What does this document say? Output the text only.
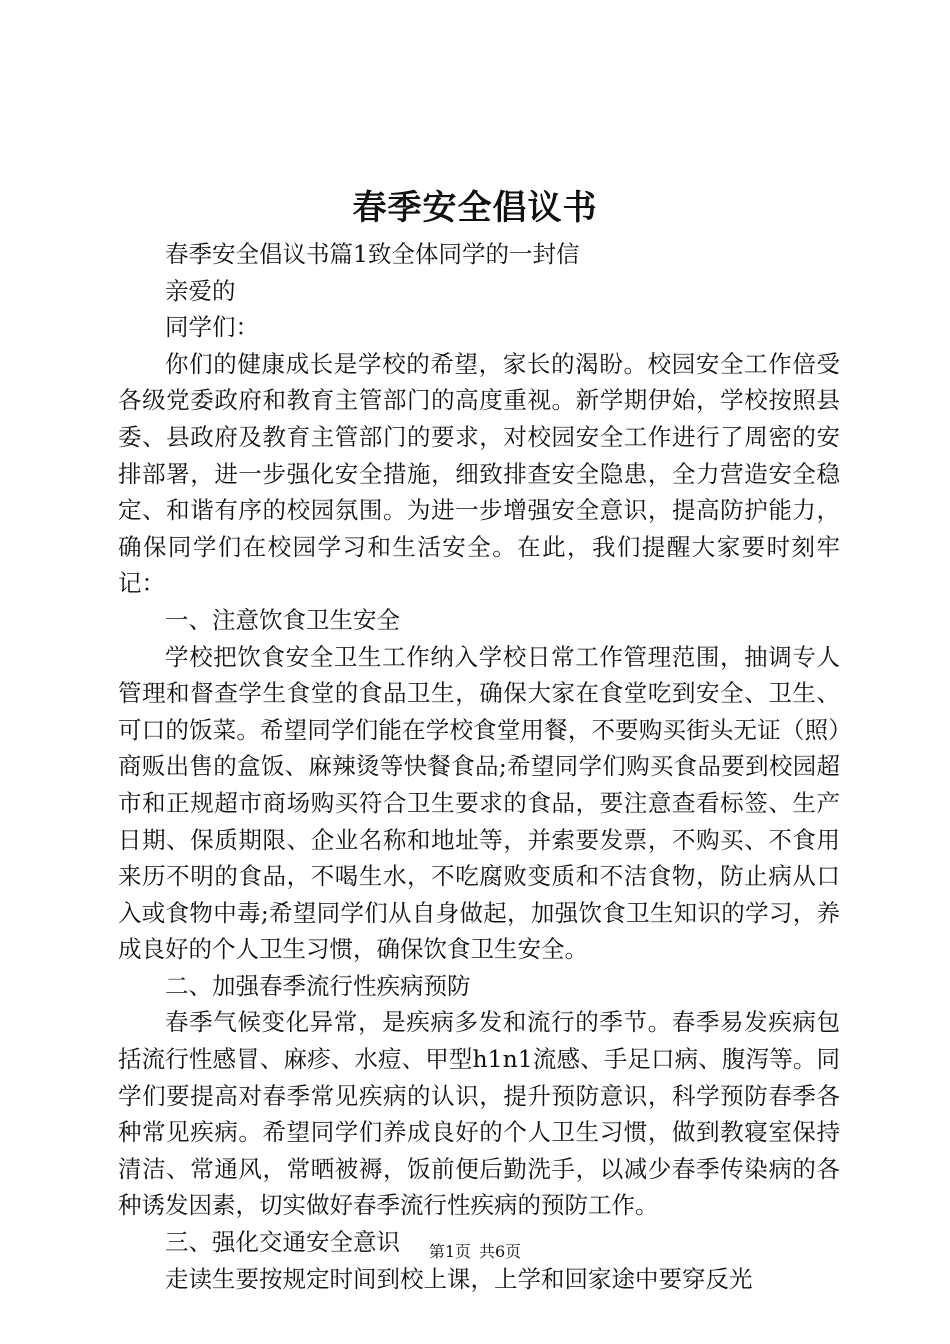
春季安全倡议书

春季安全倡议书篇1致全体同学的一封信

亲爱的

同学们：

你们的健康成长是学校的希望，家长的渴盼。校园安全工作倍受各级党委政府和教育主管部门的高度重视。新学期伊始，学校按照县委、县政府及教育主管部门的要求，对校园安全工作进行了周密的安排部署，进一步强化安全措施，细致排查安全隐患，全力营造安全稳定、和谐有序的校园氛围。为进一步增强安全意识，提高防护能力，确保同学们在校园学习和生活安全。在此，我们提醒大家要时刻牢记：

一、注意饮食卫生安全

学校把饮食安全卫生工作纳入学校日常工作管理范围，抽调专人管理和督查学生食堂的食品卫生，确保大家在食堂吃到安全、卫生、可口的饭菜。希望同学们能在学校食堂用餐，不要购买街头无证（照）商贩出售的盒饭、麻辣烫等快餐食品;希望同学们购买食品要到校园超市和正规超市商场购买符合卫生要求的食品，要注意查看标签、生产日期、保质期限、企业名称和地址等，并索要发票，不购买、不食用来历不明的食品，不喝生水，不吃腐败变质和不洁食物，防止病从口入或食物中毒;希望同学们从自身做起，加强饮食卫生知识的学习，养成良好的个人卫生习惯，确保饮食卫生安全。

二、加强春季流行性疾病预防

春季气候变化异常，是疾病多发和流行的季节。春季易发疾病包括流行性感冒、麻疹、水痘、甲型h1n1流感、手足口病、腹泻等。同学们要提高对春季常见疾病的认识，提升预防意识，科学预防春季各种常见疾病。希望同学们养成良好的个人卫生习惯，做到教寝室保持清洁、常通风，常晒被褥，饭前便后勤洗手，以减少春季传染病的各种诱发因素，切实做好春季流行性疾病的预防工作。

三、强化交通安全意识

走读生要按规定时间到校上课，上学和回家途中要穿反光

第1页 共6页
